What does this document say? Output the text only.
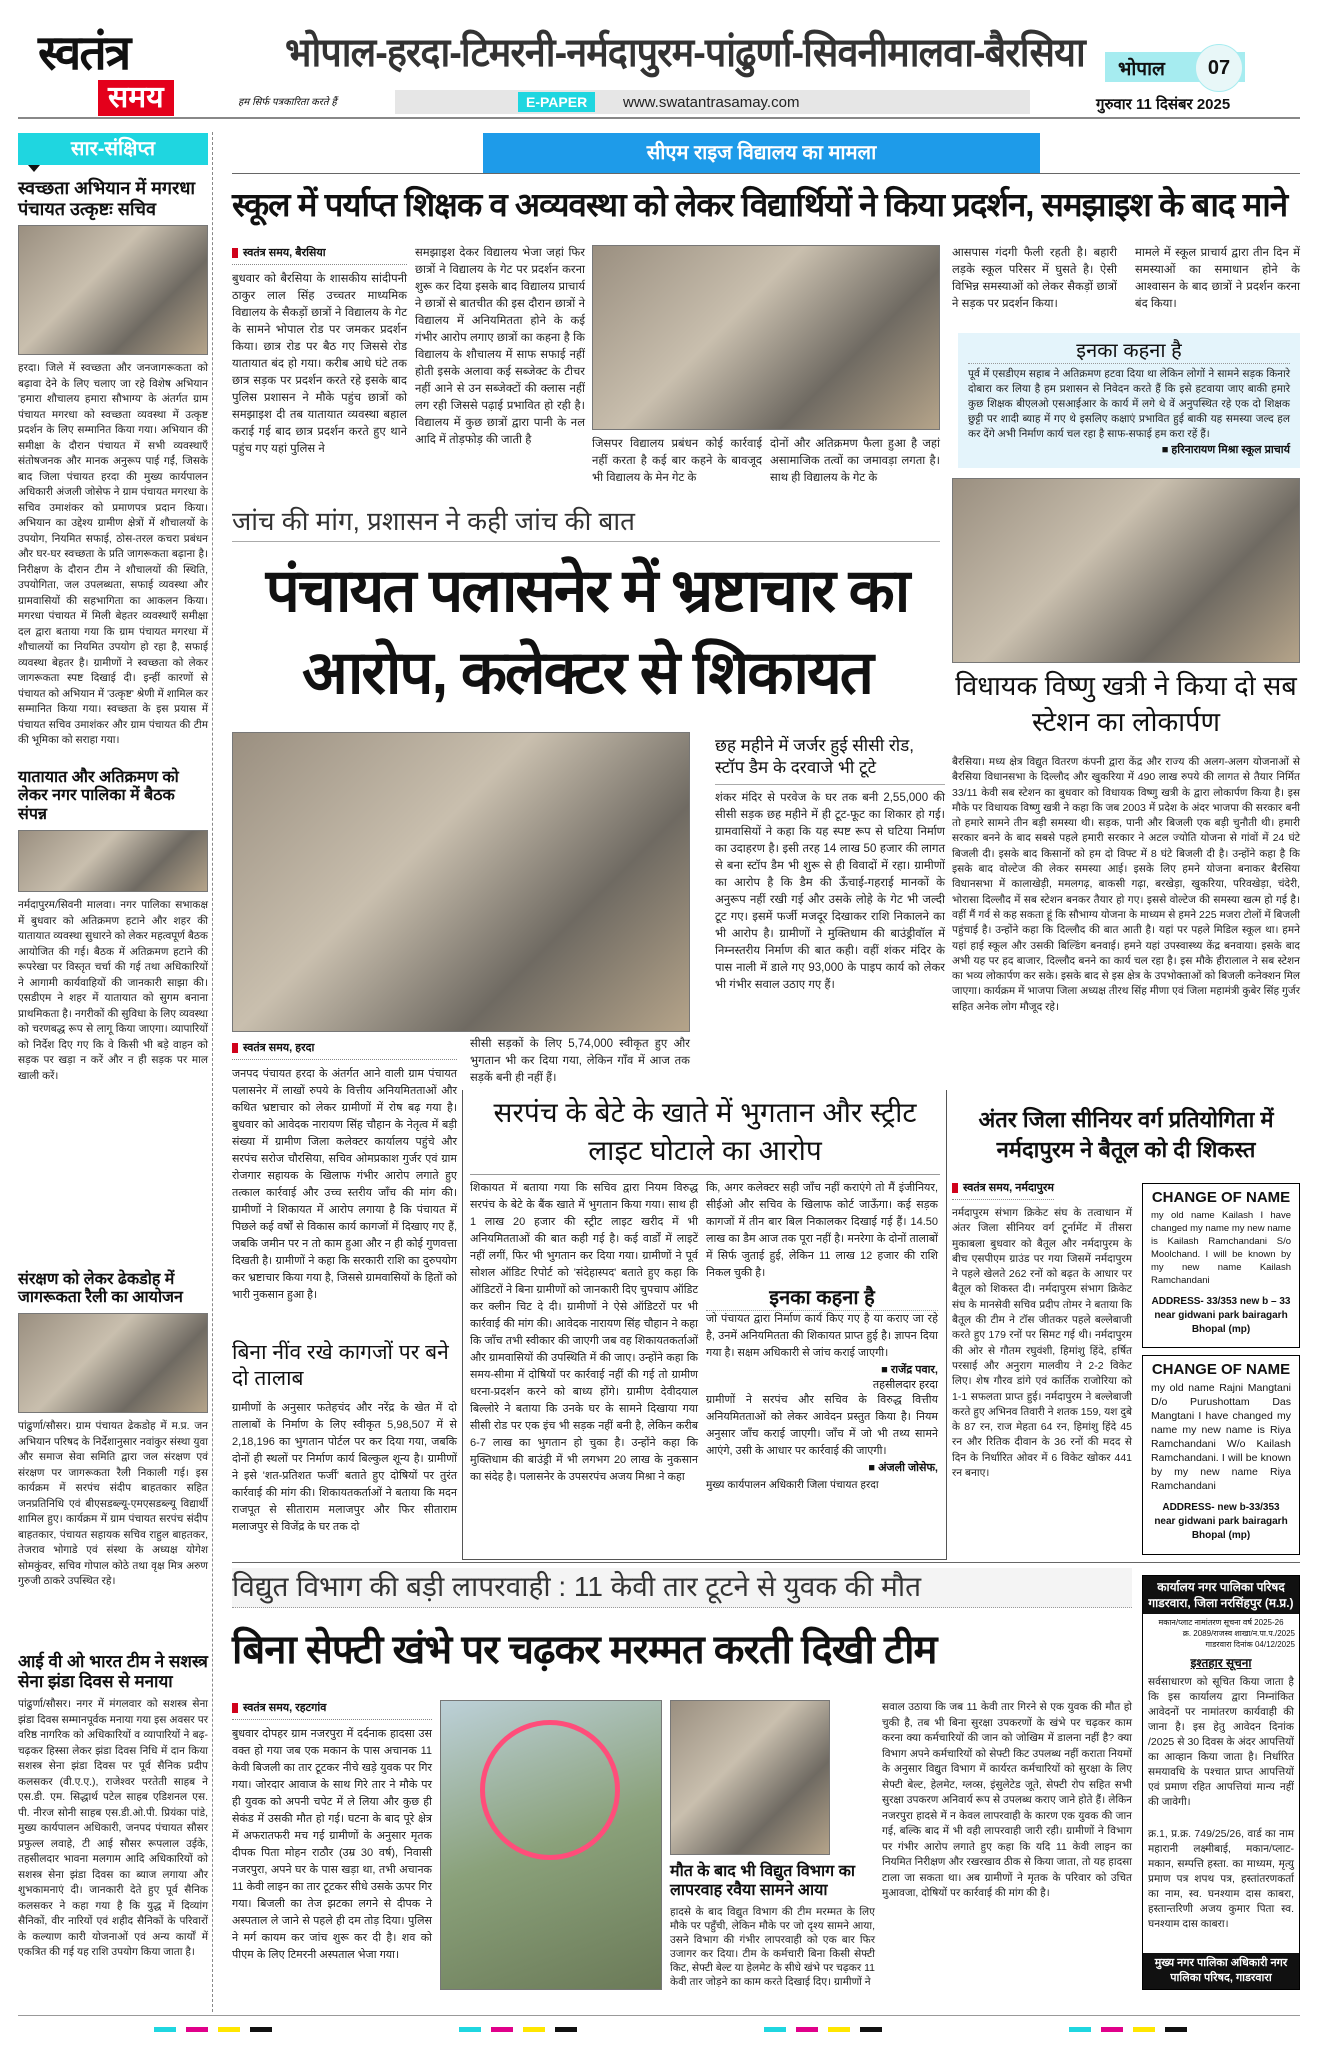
स्वतंत्र
समय
भोपाल-हरदा-टिमरनी-नर्मदापुरम-पांढुर्णा-सिवनीमालवा-बैरसिया
हम सिर्फ पत्रकारिता करते हैं	E-PAPER	www.swatantrasamay.com
भोपाल	07
गुरुवार 11 दिसंबर 2025
सार-संक्षिप्त
स्वच्छता अभियान में मगरधा पंचायत उत्कृष्टः सचिव
हरदा। जिले में स्वच्छता और जनजागरूकता को बढ़ावा देने के लिए चलाए जा रहे विशेष अभियान 'हमारा शौचालय हमारा सौभाग्य' के अंतर्गत ग्राम पंचायत मगरधा को स्वच्छता व्यवस्था में उत्कृष्ट प्रदर्शन के लिए सम्मानित किया गया। अभियान की समीक्षा के दौरान पंचायत में सभी व्यवस्थाएँ संतोषजनक और मानक अनुरूप पाई गईं, जिसके बाद जिला पंचायत हरदा की मुख्य कार्यपालन अधिकारी अंजली जोसेफ ने ग्राम पंचायत मगरधा के सचिव उमाशंकर को प्रमाणपत्र प्रदान किया। अभियान का उद्देश्य ग्रामीण क्षेत्रों में शौचालयों के उपयोग, नियमित सफाई, ठोस-तरल कचरा प्रबंधन और घर-घर स्वच्छता के प्रति जागरूकता बढ़ाना है। निरीक्षण के दौरान टीम ने शौचालयों की स्थिति, उपयोगिता, जल उपलब्धता, सफाई व्यवस्था और ग्रामवासियों की सहभागिता का आकलन किया। मगरधा पंचायत में मिली बेहतर व्यवस्थाएँ समीक्षा दल द्वारा बताया गया कि ग्राम पंचायत मगरधा में शौचालयों का नियमित उपयोग हो रहा है, सफाई व्यवस्था बेहतर है। ग्रामीणों ने स्वच्छता को लेकर जागरूकता स्पष्ट दिखाई दी। इन्हीं कारणों से पंचायत को अभियान में 'उत्कृष्ट' श्रेणी में शामिल कर सम्मानित किया गया। स्वच्छता के इस प्रयास में पंचायत सचिव उमाशंकर और ग्राम पंचायत की टीम की भूमिका को सराहा गया।
यातायात और अतिक्रमण को लेकर नगर पालिका में बैठक संपन्न
नर्मदापुरम/सिवनी मालवा। नगर पालिका सभाकक्ष में बुधवार को अतिक्रमण हटाने और शहर की यातायात व्यवस्था सुधारने को लेकर महत्वपूर्ण बैठक आयोजित की गई। बैठक में अतिक्रमण हटाने की रूपरेखा पर विस्तृत चर्चा की गई तथा अधिकारियों ने आगामी कार्यवाहियों की जानकारी साझा की। एसडीएम ने शहर में यातायात को सुगम बनाना प्राथमिकता है। नगरीकों की सुविधा के लिए व्यवस्था को चरणबद्ध रूप से लागू किया जाएगा। व्यापारियों को निर्देश दिए गए कि वे किसी भी बड़े वाहन को सड़क पर खड़ा न करें और न ही सड़क पर माल खाली करें।
संरक्षण को लेकर ढेकडोह में जागरूकता रैली का आयोजन
पांढुर्णा/सौसर। ग्राम पंचायत ढेकडोह में म.प्र. जन अभियान परिषद के निर्देशानुसार नवांकुर संस्था युवा और समाज सेवा समिति द्वारा जल संरक्षण एवं संरक्षण पर जागरूकता रैली निकाली गई। इस कार्यक्रम में सरपंच संदीप बाहतकार सहित जनप्रतिनिधि एवं बीएसडब्ल्यू-एमएसडब्ल्यू विद्यार्थी शामिल हुए। कार्यक्रम में ग्राम पंचायत सरपंच संदीप बाहतकार, पंचायत सहायक सचिव राहुल बाहतकर, तेजराव भोगाडे एवं संस्था के अध्यक्ष योगेश सोमकुंवर, सचिव गोपाल कोठे तथा वृक्ष मित्र अरुण गुरुजी ठाकरे उपस्थित रहे।
आई वी ओ भारत टीम ने सशस्त्र सेना झंडा दिवस से मनाया
पांढुर्णा/सौसर। नगर में मंगलवार को सशस्त्र सेना झंडा दिवस सम्मानपूर्वक मनाया गया इस अवसर पर वरिष्ठ नागरिक को अधिकारियों व व्यापारियों ने बढ़-चढ़कर हिस्सा लेकर झंडा दिवस निधि में दान किया सशस्त्र सेना झंडा दिवस पर पूर्व सैनिक प्रदीप कलसकर (वी.ए.ए.), राजेश्वर परतेती साहब ने एस.डी. एम. सिद्धार्थ पटेल साहब एडिशनल एस. पी. नीरज सोनी साहब एस.डी.ओ.पी. प्रियंका पांडे, मुख्य कार्यपालन अधिकारी, जनपद पंचायत सौसर प्रफुल्ल लवाहे, टी आई सौसर रूपलाल उईके, तहसीलदार भावना मलगाम आदि अधिकारियों को सशस्त्र सेना झंडा दिवस का ब्याज लगाया और शुभकामनाएं दी। जानकारी देते हुए पूर्व सैनिक कलसकर ने कहा गया है कि युद्ध में दिव्यांग सैनिकों, वीर नारियों एवं शहीद सैनिकों के परिवारों के कल्याण कारी योजनाओं एवं अन्य कार्यों में एकत्रित की गई यह राशि उपयोग किया जाता है।
सीएम राइज विद्यालय का मामला
स्कूल में पर्याप्त शिक्षक व अव्यवस्था को लेकर विद्यार्थियों ने किया प्रदर्शन, समझाइश के बाद माने
स्वतंत्र समय, बैरसिया
बुधवार को बैरसिया के शासकीय सांदीपनी ठाकुर लाल सिंह उच्चतर माध्यमिक विद्यालय के सैकड़ों छात्रों ने विद्यालय के गेट के सामने भोपाल रोड पर जमकर प्रदर्शन किया। छात्र रोड पर बैठ गए जिससे रोड यातायात बंद हो गया। करीब आधे घंटे तक छात्र सड़क पर प्रदर्शन करते रहे इसके बाद पुलिस प्रशासन ने मौके पहुंच छात्रों को समझाइश दी तब यातायात व्यवस्था बहाल कराई गई बाद छात्र प्रदर्शन करते हुए थाने पहुंच गए यहां पुलिस ने
समझाइश देकर विद्यालय भेजा जहां फिर छात्रों ने विद्यालय के गेट पर प्रदर्शन करना शुरू कर दिया इसके बाद विद्यालय प्राचार्य ने छात्रों से बातचीत की इस दौरान छात्रों ने विद्यालय में अनियमितता होने के कई गंभीर आरोप लगाए छात्रों का कहना है कि विद्यालय के शौचालय में साफ सफाई नहीं होती इसके अलावा कई सब्जेक्ट के टीचर नहीं आने से उन सब्जेक्टों की क्लास नहीं लग रही जिससे पढ़ाई प्रभावित हो रही है। विद्यालय में कुछ छात्रों द्वारा पानी के नल आदि में तोड़फोड़ की जाती है	जिसपर विद्यालय प्रबंधन कोई कार्रवाई नहीं करता है कई बार कहने के बावजूद भी विद्यालय के मेन गेट के
दोनों और अतिक्रमण फैला हुआ है जहां असामाजिक तत्वों का जमावड़ा लगता है। साथ ही विद्यालय के गेट के
आसपास गंदगी फैली रहती है। बहारी लड़के स्कूल परिसर में घुसते है। ऐसी विभिन्न समस्याओं को लेकर सैकड़ों छात्रों ने सड़क पर प्रदर्शन किया।
मामले में स्कूल प्राचार्य द्वारा तीन दिन में समस्याओं का समाधान होने के आश्वासन के बाद छात्रों ने प्रदर्शन करना बंद किया।
इनका कहना है
पूर्व में एसडीएम सहाब ने अतिक्रमण हटवा दिया था लेकिन लोगों ने सामने सड़क किनारे दोबारा कर लिया है हम प्रशासन से निवेदन करते हैं कि इसे हटवाया जाए बाकी हमारे कुछ शिक्षक बीएलओ एसआईआर के कार्य में लगे थे वें अनुपस्थित रहे एक दो शिक्षक छुट्टी पर शादी ब्याह में गए थे इसलिए कक्षाएं प्रभावित हुई बाकी यह समस्या जल्द हल कर देंगे अभी निर्माण कार्य चल रहा है साफ-सफाई हम करा रहें हैं।
■ हरिनारायण मिश्रा स्कूल प्राचार्य
जांच की मांग, प्रशासन ने कही जांच की बात
पंचायत पलासनेर में भ्रष्टाचार का आरोप, कलेक्टर से शिकायत
सीसी सड़कों के लिए 5,74,000 स्वीकृत हुए और भुगतान भी कर दिया गया, लेकिन गाँव में आज तक सड़कें बनी ही नहीं हैं।
छह महीने में जर्जर हुई सीसी रोड, स्टॉप डैम के दरवाजे भी टूटे
शंकर मंदिर से परवेज के घर तक बनी 2,55,000 की सीसी सड़क छह महीने में ही टूट-फूट का शिकार हो गई। ग्रामवासियों ने कहा कि यह स्पष्ट रूप से घटिया निर्माण का उदाहरण है। इसी तरह 14 लाख 50 हजार की लागत से बना स्टॉप डैम भी शुरू से ही विवादों में रहा। ग्रामीणों का आरोप है कि डैम की ऊँचाई-गहराई मानकों के अनुरूप नहीं रखी गई और उसके लोहे के गेट भी जल्दी टूट गए। इसमें फर्जी मजदूर दिखाकर राशि निकालने का भी आरोप है। ग्रामीणों ने मुक्तिधाम की बाउंड्रीवॉल में निम्नस्तरीय निर्माण की बात कही। वहीं शंकर मंदिर के पास नाली में डाले गए 93,000 के पाइप कार्य को लेकर भी गंभीर सवाल उठाए गए हैं।
स्वतंत्र समय, हरदा
जनपद पंचायत हरदा के अंतर्गत आने वाली ग्राम पंचायत पलासनेर में लाखों रुपये के वित्तीय अनियमितताओं और कथित भ्रष्टाचार को लेकर ग्रामीणों में रोष बढ़ गया है। बुधवार को आवेदक नारायण सिंह चौहान के नेतृत्व में बड़ी संख्या में ग्रामीण जिला कलेक्टर कार्यालय पहुंचे और सरपंच सरोज चौरसिया, सचिव ओमप्रकाश गुर्जर एवं ग्राम रोजगार सहायक के खिलाफ गंभीर आरोप लगाते हुए तत्काल कार्रवाई और उच्च स्तरीय जाँच की मांग की। ग्रामीणों ने शिकायत में आरोप लगाया है कि पंचायत में पिछले कई वर्षों से विकास कार्य कागजों में दिखाए गए हैं, जबकि जमीन पर न तो काम हुआ और न ही कोई गुणवत्ता दिखती है। ग्रामीणों ने कहा कि सरकारी राशि का दुरुपयोग कर भ्रष्टाचार किया गया है, जिससे ग्रामवासियों के हितों को भारी नुकसान हुआ है।
बिना नींव रखे कागजों पर बने दो तालाब
ग्रामीणों के अनुसार फतेहचंद और नरेंद्र के खेत में दो तालाबों के निर्माण के लिए स्वीकृत 5,98,507 में से 2,18,196 का भुगतान पोर्टल पर कर दिया गया, जबकि दोनों ही स्थलों पर निर्माण कार्य बिल्कुल शून्य है। ग्रामीणों ने इसे 'शत-प्रतिशत फर्जी' बताते हुए दोषियों पर तुरंत कार्रवाई की मांग की। शिकायतकर्ताओं ने बताया कि मदन राजपूत से सीताराम मलाजपुर और फिर सीताराम मलाजपुर से विजेंद्र के घर तक दो
सरपंच के बेटे के खाते में भुगतान और स्ट्रीट लाइट घोटाले का आरोप
शिकायत में बताया गया कि सचिव द्वारा नियम विरुद्ध सरपंच के बेटे के बैंक खाते में भुगतान किया गया। साथ ही 1 लाख 20 हजार की स्ट्रीट लाइट खरीद में भी अनियमितताओं की बात कही गई है। कई वार्डों में लाइटें नहीं लगीं, फिर भी भुगतान कर दिया गया। ग्रामीणों ने पूर्व सोशल ऑडिट रिपोर्ट को 'संदेहास्पद' बताते हुए कहा कि ऑडिटरों ने बिना ग्रामीणों को जानकारी दिए चुपचाप ऑडिट कर क्लीन चिट दे दी। ग्रामीणों ने ऐसे ऑडिटरों पर भी कार्रवाई की मांग की। आवेदक नारायण सिंह चौहान ने कहा कि जाँच तभी स्वीकार की जाएगी जब वह शिकायतकर्ताओं और ग्रामवासियों की उपस्थिति में की जाए। उन्होंने कहा कि समय-सीमा में दोषियों पर कार्रवाई नहीं की गई तो ग्रामीण धरना-प्रदर्शन करने को बाध्य होंगे। ग्रामीण देवीदयाल बिल्लोरे ने बताया कि उनके घर के सामने दिखाया गया सीसी रोड पर एक इंच भी सड़क नहीं बनी है, लेकिन करीब 6-7 लाख का भुगतान हो चुका है। उन्होंने कहा कि मुक्तिधाम की बाउंड्री में भी लगभग 20 लाख के नुकसान का संदेह है। पलासनेर के उपसरपंच अजय मिश्रा ने कहा
कि, अगर कलेक्टर सही जाँच नहीं कराएंगे तो मैं इंजीनियर, सीईओ और सचिव के खिलाफ कोर्ट जाऊँगा। कई सड़क कागजों में तीन बार बिल निकालकर दिखाई गई हैं। 14.50 लाख का डैम आज तक पूरा नहीं है। मनरेगा के दोनों तालाबों में सिर्फ जुताई हुई, लेकिन 11 लाख 12 हजार की राशि निकल चुकी है।
इनका कहना है
जो पंचायत द्वारा निर्माण कार्य किए गए है या कराए जा रहे है, उनमें अनियमितता की शिकायत प्राप्त हुई है। ज्ञापन दिया गया है। सक्षम अधिकारी से जांच कराई जाएगी।
■ राजेंद्र पवार,
तहसीलदार हरदा
ग्रामीणों ने सरपंच और सचिव के विरुद्ध वित्तीय अनियमितताओं को लेकर आवेदन प्रस्तुत किया है। नियम अनुसार जाँच कराई जाएगी। जाँच में जो भी तथ्य सामने आएंगे, उसी के आधार पर कार्रवाई की जाएगी।
■ अंजली जोसेफ,
मुख्य कार्यपालन अधिकारी जिला पंचायत हरदा
विधायक विष्णु खत्री ने किया दो सब स्टेशन का लोकार्पण
बैरसिया। मध्य क्षेत्र विद्युत वितरण कंपनी द्वारा केंद्र और राज्य की अलग-अलग योजनाओं से बैरसिया विधानसभा के दिल्लौद और खुकरिया में 490 लाख रुपये की लागत से तैयार निर्मित 33/11 केवी सब स्टेशन का बुधवार को विधायक विष्णु खत्री के द्वारा लोकार्पण किया है। इस मौके पर विधायक विष्णु खत्री ने कहा कि जब 2003 में प्रदेश के अंदर भाजपा की सरकार बनी तो हमारे सामने तीन बड़ी समस्या थी। सड़क, पानी और बिजली एक बड़ी चुनौती थी। हमारी सरकार बनने के बाद सबसे पहले हमारी सरकार ने अटल ज्योति योजना से गांवों में 24 घंटे बिजली दी। इसके बाद किसानों को हम दो विफ्ट में 8 घंटे बिजली दी है। उन्होंने कहा है कि इसके बाद वोल्टेज की लेकर समस्या आई। इसके लिए हमने योजना बनाकर बैरसिया विधानसभा में कालाखेड़ी, ममलगढ़, बाकसी गढ़ा, बरखेड़ा, खुकरिया, परिवखेड़ा, चंदेरी, भोरासा दिल्लौद में सब स्टेशन बनकर तैयार हो गए। इससे वोल्टेज की समस्या खत्म हो गई है। वहीं मैं गर्व से कह सकता हूं कि सौभाग्य योजना के माध्यम से हमने 225 मजरा टोलों में बिजली पहुंचाई है। उन्होंने कहा कि दिल्लौद की बात आती है। यहां पर पहले मिडिल स्कूल था। हमने यहां हाई स्कूल और उसकी बिल्डिंग बनवाई। हमने यहां उपस्वास्थ्य केंद्र बनवाया। इसके बाद अभी यह पर हद बाजार, दिल्लौद बनने का कार्य चल रहा है। इस मौके हीरालाल ने सब स्टेशन का भव्य लोकार्पण कर सके। इसके बाद से इस क्षेत्र के उपभोक्ताओं को बिजली कनेक्शन मिल जाएगा। कार्यक्रम में भाजपा जिला अध्यक्ष तीरथ सिंह मीणा एवं जिला महामंत्री कुबेर सिंह गुर्जर सहित अनेक लोग मौजूद रहे।
अंतर जिला सीनियर वर्ग प्रतियोगिता में नर्मदापुरम ने बैतूल को दी शिकस्त
स्वतंत्र समय, नर्मदापुरम
नर्मदापुरम संभाग क्रिकेट संघ के तत्वाधान में अंतर जिला सीनियर वर्ग टूर्नामेंट में तीसरा मुकाबला बुधवार को बैतूल और नर्मदापुरम के बीच एसपीएम ग्राउंड पर गया जिसमें नर्मदापुरम ने पहले खेलते 262 रनों को बढ़त के आधार पर बैतूल को शिकस्त दी। नर्मदापुरम संभाग क्रिकेट संघ के मानसेवी सचिव प्रदीप तोमर ने बताया कि बैतूल की टीम ने टॉस जीतकर पहले बल्लेबाजी करते हुए 179 रनों पर सिमट गई थी। नर्मदापुरम की ओर से गौतम रघुवंशी, हिमांशु हिंदे, हर्षित परसाई और अनुराग मालवीय ने 2-2 विकेट लिए। शेष गौरव डांगे एवं कार्तिक राजोरिया को 1-1 सफलता प्राप्त हुई। नर्मदापुरम ने बल्लेबाजी करते हुए अभिनव तिवारी ने शतक 159, यश दुबे के 87 रन, राज मेहता 64 रन, हिमांशु हिंदे 45 रन और रितिक दीवान के 36 रनों की मदद से दिन के निर्धारित ओवर में 6 विकेट खोकर 441 रन बनाए।
CHANGE OF NAME
my old name Kailash I have changed my name my new name is Kailash Ramchandani S/o Moolchand. I will be known by my new name Kailash Ramchandani
ADDRESS- 33/353 new b – 33 near gidwani park bairagarh Bhopal (mp)
CHANGE OF NAME
my old name Rajni Mangtani D/o Purushottam Das Mangtani I have changed my name my new name is Riya Ramchandani W/o Kailash Ramchandani. I will be known by my new name Riya Ramchandani
ADDRESS- new b-33/353 near gidwani park bairagarh Bhopal (mp)
विद्युत विभाग की बड़ी लापरवाही : 11 केवी तार टूटने से युवक की मौत
बिना सेफ्टी खंभे पर चढ़कर मरम्मत करती दिखी टीम
स्वतंत्र समय, रहटगांव
बुधवार दोपहर ग्राम नजरपुरा में दर्दनाक हादसा उस वक्त हो गया जब एक मकान के पास अचानक 11 केवी बिजली का तार टूटकर नीचे खड़े युवक पर गिर गया। जोरदार आवाज के साथ गिरे तार ने मौके पर ही युवक को अपनी चपेट में ले लिया और कुछ ही सेकंड में उसकी मौत हो गई। घटना के बाद पूरे क्षेत्र में अफरातफरी मच गई ग्रामीणों के अनुसार मृतक दीपक पिता मोहन राठौर (उम्र 30 वर्ष), निवासी नजरपुरा, अपने घर के पास खड़ा था, तभी अचानक 11 केवी लाइन का तार टूटकर सीधे उसके ऊपर गिर गया। बिजली का तेज झटका लगने से दीपक ने अस्पताल ले जाने से पहले ही दम तोड़ दिया। पुलिस ने मर्ग कायम कर जांच शुरू कर दी है। शव को पीएम के लिए टिमरनी अस्पताल भेजा गया।
मौत के बाद भी विद्युत विभाग का लापरवाह रवैया सामने आया
हादसे के बाद विद्युत विभाग की टीम मरम्मत के लिए मौके पर पहुँची, लेकिन मौके पर जो दृश्य सामने आया, उसने विभाग की गंभीर लापरवाही को एक बार फिर उजागर कर दिया। टीम के कर्मचारी बिना किसी सेफ्टी किट, सेफ्टी बेल्ट या हेलमेट के सीधे खंभे पर चढ़कर 11 केवी तार जोड़ने का काम करते दिखाई दिए। ग्रामीणों ने
सवाल उठाया कि जब 11 केवी तार गिरने से एक युवक की मौत हो चुकी है, तब भी बिना सुरक्षा उपकरणों के खंभे पर चढ़कर काम करना क्या कर्मचारियों की जान को जोखिम में डालना नहीं है? क्या विभाग अपने कर्मचारियों को सेफ्टी किट उपलब्ध नहीं कराता नियमों के अनुसार विद्युत विभाग में कार्यरत कर्मचारियों को सुरक्षा के लिए सेफ्टी बेल्ट, हेलमेट, ग्लव्स, इंसुलेटेड जूते, सेफ्टी रोप सहित सभी सुरक्षा उपकरण अनिवार्य रूप से उपलब्ध कराए जाने होते हैं। लेकिन नजरपुरा हादसे में न केवल लापरवाही के कारण एक युवक की जान गई, बल्कि बाद में भी वही लापरवाही जारी रही। ग्रामीणों ने विभाग पर गंभीर आरोप लगाते हुए कहा कि यदि 11 केवी लाइन का नियमित निरीक्षण और रखरखाव ठीक से किया जाता, तो यह हादसा टाला जा सकता था। अब ग्रामीणों ने मृतक के परिवार को उचित मुआवजा, दोषियों पर कार्रवाई की मांग की है।
कार्यालय नगर पालिका परिषद गाडरवारा, जिला नरसिंहपुर (म.प्र.)
मकान/प्लाट नामांतरण सूचना वर्ष 2025-26
क्र. 2089/राजस्व शाखा/न.पा.प./2025
गाडरवारा दिनांक 04/12/2025
इश्तहार सूचना
सर्वसाधारण को सूचित किया जाता है कि इस कार्यालय द्वारा निम्नांकित आवेदनों पर नामांतरण कार्यवाही की जाना है। इस हेतु आवेदन दिनांक /2025 से 30 दिवस के अंदर आपत्तियों का आव्हान किया जाता है। निर्धारित समयावधि के पश्चात प्राप्त आपत्तियों एवं प्रमाण रहित आपत्तियां मान्य नहीं की जावेगी।
क्र.1, प्र.क्र. 749/25/26, वार्ड का नाम महारानी लक्ष्मीबाई, मकान/प्लाट- मकान, सम्पत्ति हस्ता. का माध्यम, मृत्यु प्रमाण पत्र शपथ पत्र, हस्तांतरणकर्ता का नाम, स्व. घनश्याम दास काबरा, हस्तान्तरिणी अजय कुमार पिता स्व. घनश्याम दास काबरा।
मुख्य नगर पालिका अधिकारी नगर पालिका परिषद, गाडरवारा
